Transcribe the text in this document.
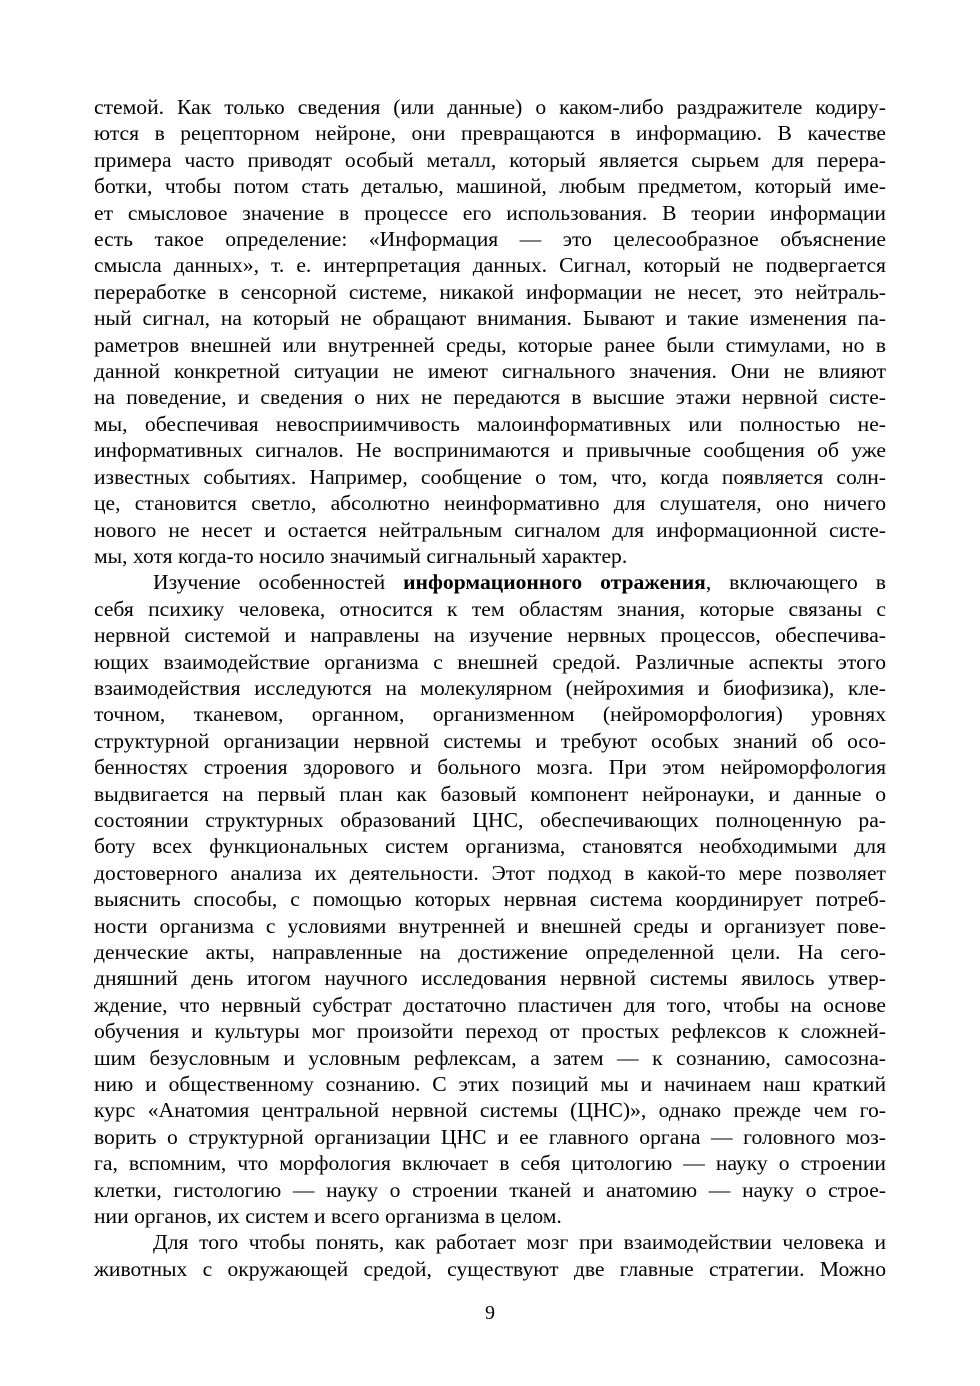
стемой. Как только сведения (или данные) о каком-либо раздражителе кодиру-
ются в рецепторном нейроне, они превращаются в информацию. В качестве
примера часто приводят особый металл, который является сырьем для перера-
ботки, чтобы потом стать деталью, машиной, любым предметом, который име-
ет смысловое значение в процессе его использования. В теории информации
есть такое определение: «Информация — это целесообразное объяснение
смысла данных», т. е. интерпретация данных. Сигнал, который не подвергается
переработке в сенсорной системе, никакой информации не несет, это нейтраль-
ный сигнал, на который не обращают внимания. Бывают и такие изменения па-
раметров внешней или внутренней среды, которые ранее были стимулами, но в
данной конкретной ситуации не имеют сигнального значения. Они не влияют
на поведение, и сведения о них не передаются в высшие этажи нервной систе-
мы, обеспечивая невосприимчивость малоинформативных или полностью не-
информативных сигналов. Не воспринимаются и привычные сообщения об уже
известных событиях. Например, сообщение о том, что, когда появляется солн-
це, становится светло, абсолютно неинформативно для слушателя, оно ничего
нового не несет и остается нейтральным сигналом для информационной систе-
мы, хотя когда-то носило значимый сигнальный характер.

Изучение особенностей информационного отражения, включающего в
себя психику человека, относится к тем областям знания, которые связаны с
нервной системой и направлены на изучение нервных процессов, обеспечива-
ющих взаимодействие организма с внешней средой. Различные аспекты этого
взаимодействия исследуются на молекулярном (нейрохимия и биофизика), кле-
точном, тканевом, органном, организменном (нейроморфология) уровнях
структурной организации нервной системы и требуют особых знаний об осо-
бенностях строения здорового и больного мозга. При этом нейроморфология
выдвигается на первый план как базовый компонент нейронауки, и данные о
состоянии структурных образований ЦНС, обеспечивающих полноценную ра-
боту всех функциональных систем организма, становятся необходимыми для
достоверного анализа их деятельности. Этот подход в какой-то мере позволяет
выяснить способы, с помощью которых нервная система координирует потреб-
ности организма с условиями внутренней и внешней среды и организует пове-
денческие акты, направленные на достижение определенной цели. На сего-
дняшний день итогом научного исследования нервной системы явилось утвер-
ждение, что нервный субстрат достаточно пластичен для того, чтобы на основе
обучения и культуры мог произойти переход от простых рефлексов к сложней-
шим безусловным и условным рефлексам, а затем — к сознанию, самосозна-
нию и общественному сознанию. С этих позиций мы и начинаем наш краткий
курс «Анатомия центральной нервной системы (ЦНС)», однако прежде чем го-
ворить о структурной организации ЦНС и ее главного органа — головного моз-
га, вспомним, что морфология включает в себя цитологию — науку о строении
клетки, гистологию — науку о строении тканей и анатомию — науку о строе-
нии органов, их систем и всего организма в целом.

Для того чтобы понять, как работает мозг при взаимодействии человека и
животных с окружающей средой, существуют две главные стратегии. Можно

9
